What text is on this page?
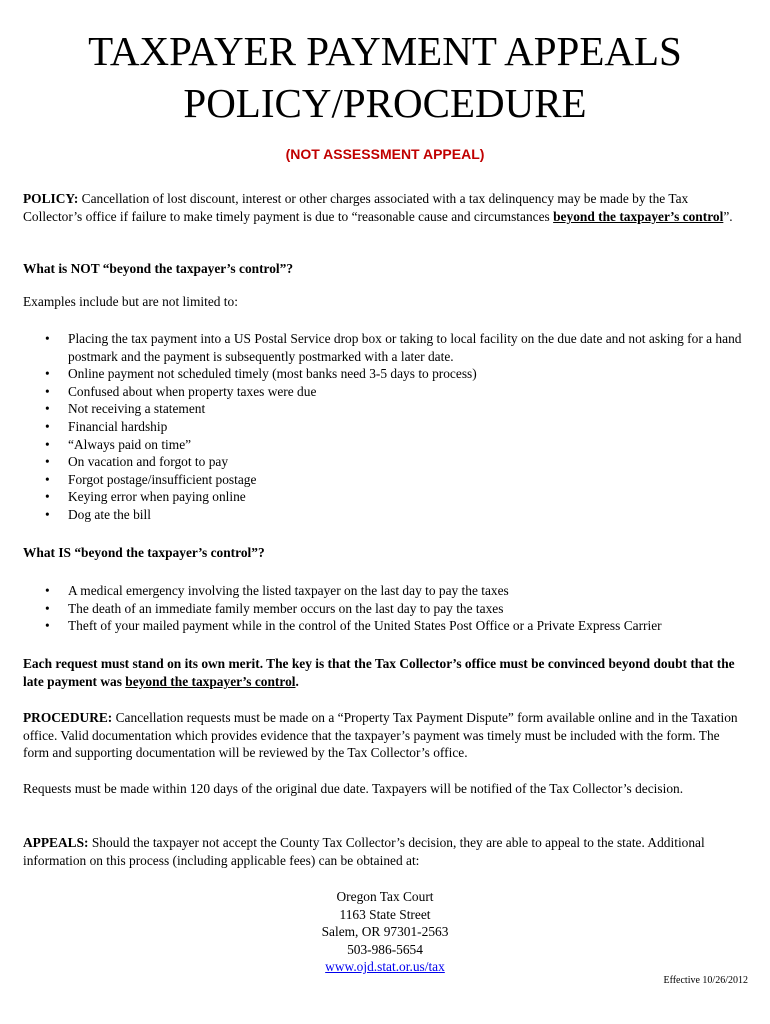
TAXPAYER PAYMENT APPEALS
POLICY/PROCEDURE
(NOT ASSESSMENT APPEAL)
POLICY: Cancellation of lost discount, interest or other charges associated with a tax delinquency may be made by the Tax Collector’s office if failure to make timely payment is due to “reasonable cause and circumstances beyond the taxpayer’s control”.
What is NOT “beyond the taxpayer’s control”?
Examples include but are not limited to:
• Placing the tax payment into a US Postal Service drop box or taking to local facility on the due date and not asking for a hand postmark and the payment is subsequently postmarked with a later date.
• Online payment not scheduled timely (most banks need 3-5 days to process)
• Confused about when property taxes were due
• Not receiving a statement
• Financial hardship
• “Always paid on time”
• On vacation and forgot to pay
• Forgot postage/insufficient postage
• Keying error when paying online
• Dog ate the bill
What IS “beyond the taxpayer’s control”?
• A medical emergency involving the listed taxpayer on the last day to pay the taxes
• The death of an immediate family member occurs on the last day to pay the taxes
• Theft of your mailed payment while in the control of the United States Post Office or a Private Express Carrier
Each request must stand on its own merit. The key is that the Tax Collector’s office must be convinced beyond doubt that the late payment was beyond the taxpayer’s control.
PROCEDURE: Cancellation requests must be made on a “Property Tax Payment Dispute” form available online and in the Taxation office. Valid documentation which provides evidence that the taxpayer’s payment was timely must be included with the form. The form and supporting documentation will be reviewed by the Tax Collector’s office.
Requests must be made within 120 days of the original due date. Taxpayers will be notified of the Tax Collector’s decision.
APPEALS: Should the taxpayer not accept the County Tax Collector’s decision, they are able to appeal to the state. Additional information on this process (including applicable fees) can be obtained at:
Oregon Tax Court
1163 State Street
Salem, OR 97301-2563
503-986-5654
www.ojd.stat.or.us/tax
Effective 10/26/2012
